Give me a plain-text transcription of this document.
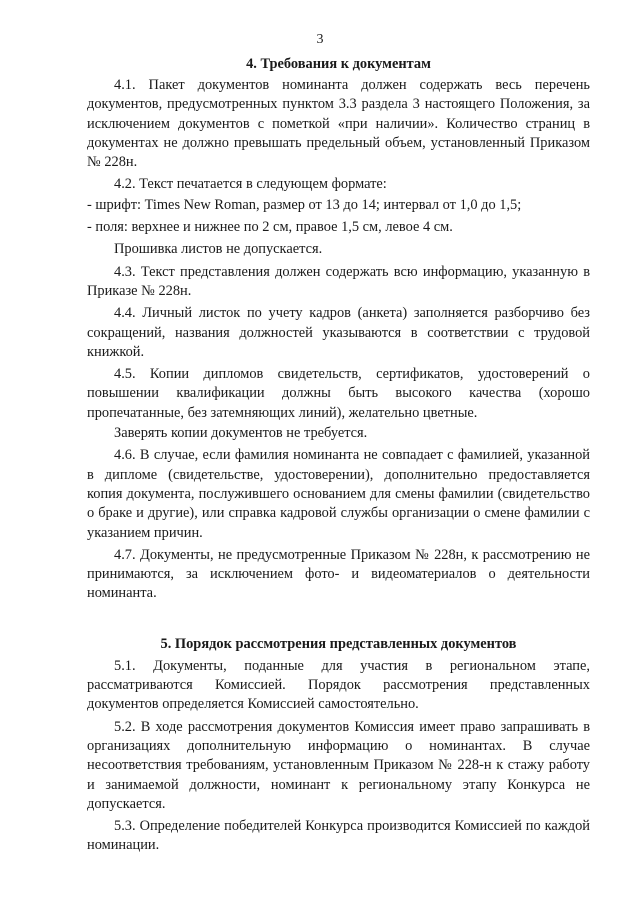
3
4. Требования к документам

4.1. Пакет документов номинанта должен содержать весь перечень документов, предусмотренных пунктом 3.3 раздела 3 настоящего Положения, за исключением документов с пометкой «при наличии». Количество страниц в документах не должно превышать предельный объем, установленный Приказом № 228н.

4.2. Текст печатается в следующем формате:

- шрифт: Times New Roman, размер от 13 до 14; интервал от 1,0 до 1,5;

- поля: верхнее и нижнее по 2 см, правое 1,5 см, левое 4 см.

Прошивка листов не допускается.

4.3. Текст представления должен содержать всю информацию, указанную в Приказе № 228н.

4.4. Личный листок по учету кадров (анкета) заполняется разборчиво без сокращений, названия должностей указываются в соответствии с трудовой книжкой.

4.5. Копии дипломов свидетельств, сертификатов, удостоверений о повышении квалификации должны быть высокого качества (хорошо пропечатанные, без затемняющих линий), желательно цветные.

Заверять копии документов не требуется.

4.6. В случае, если фамилия номинанта не совпадает с фамилией, указанной в дипломе (свидетельстве, удостоверении), дополнительно предоставляется копия документа, послужившего основанием для смены фамилии (свидетельство о браке и другие), или справка кадровой службы организации о смене фамилии с указанием причин.

4.7. Документы, не предусмотренные Приказом № 228н, к рассмотрению не принимаются, за исключением фото- и видеоматериалов о деятельности номинанта.

5. Порядок рассмотрения представленных документов

5.1. Документы, поданные для участия в региональном этапе, рассматриваются Комиссией. Порядок рассмотрения представленных документов определяется Комиссией самостоятельно.

5.2. В ходе рассмотрения документов Комиссия имеет право запрашивать в организациях дополнительную информацию о номинантах. В случае несоответствия требованиям, установленным Приказом № 228-н к стажу работу и занимаемой должности, номинант к региональному этапу Конкурса не допускается.

5.3. Определение победителей Конкурса производится Комиссией по каждой номинации.
